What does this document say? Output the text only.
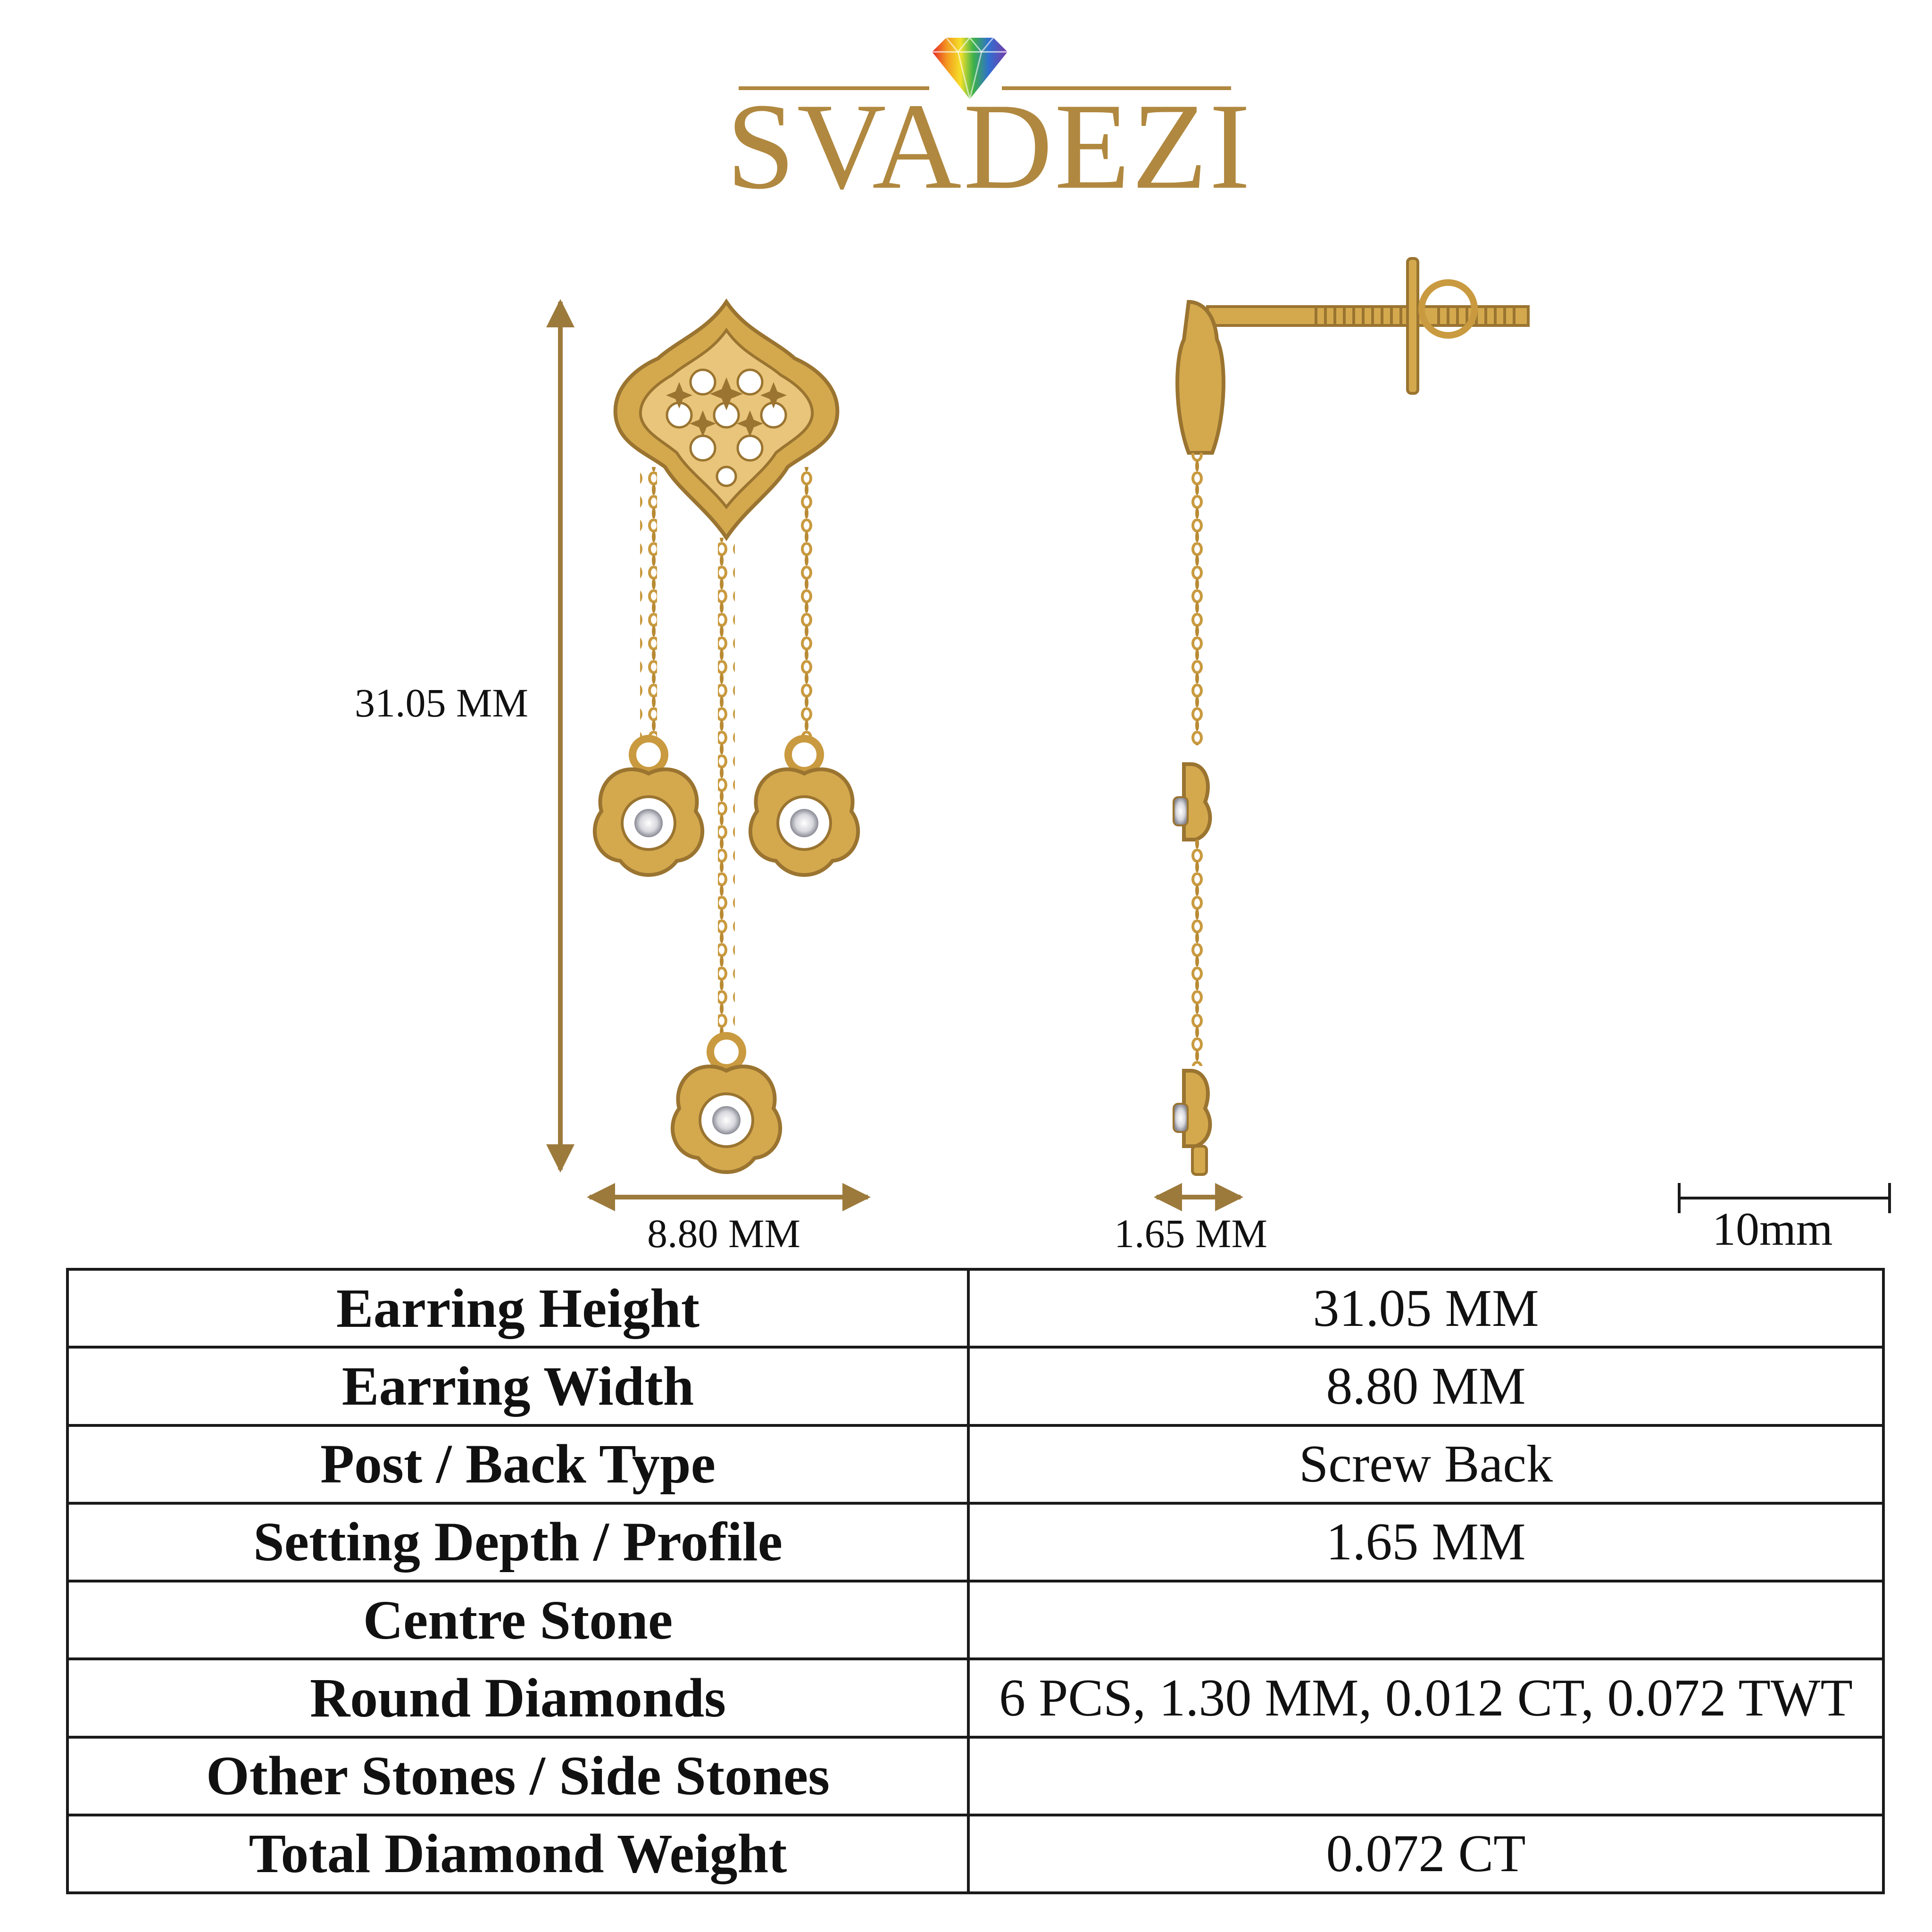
SVADEZI
31.05 MM
8.80 MM	1.65 MM	10mm
Earring Height	31.05 MM
Earring Width	8.80 MM
Post / Back Type	Screw Back
Setting Depth / Profile	1.65 MM
Centre Stone	
Round Diamonds	6 PCS, 1.30 MM, 0.012 CT, 0.072 TWT
Other Stones / Side Stones	
Total Diamond Weight	0.072 CT
